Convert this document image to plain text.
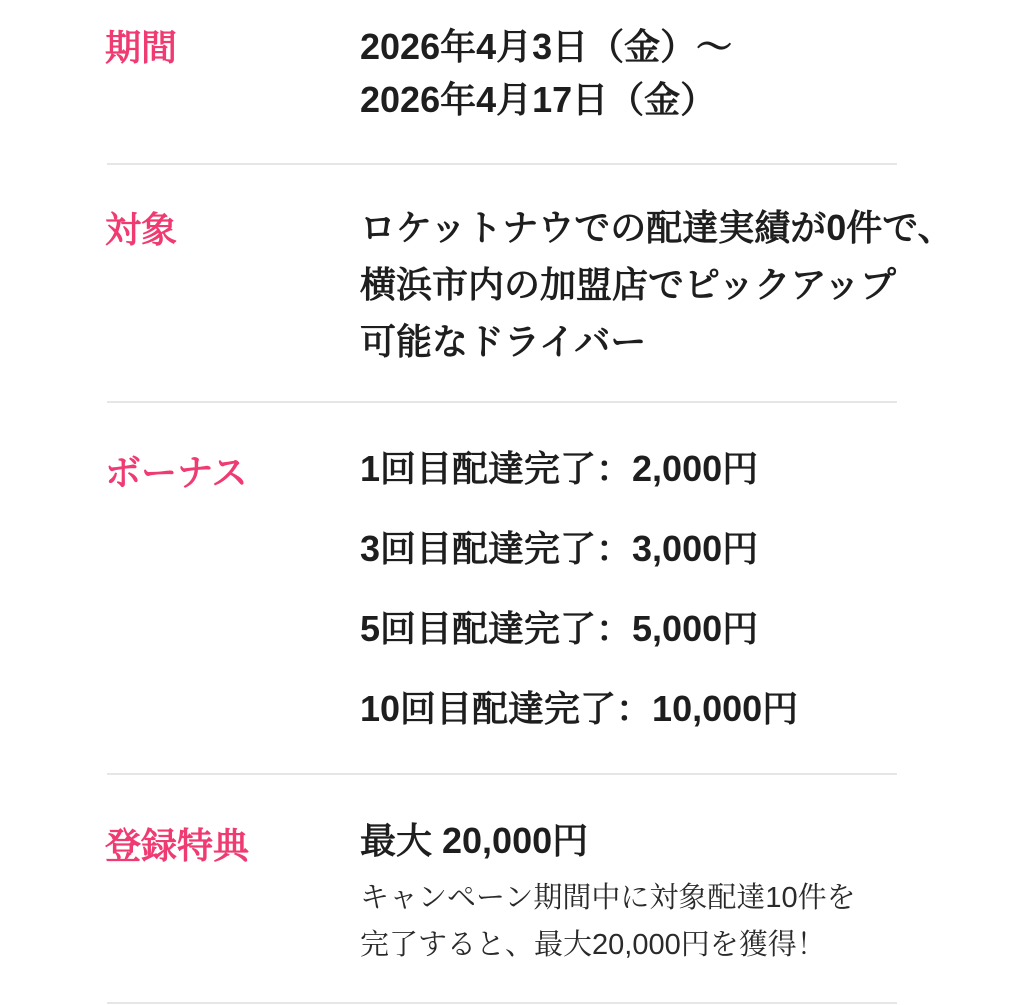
期間	2026年4月3日（金）〜
2026年4月17日（金）
対象	ロケットナウでの配達実績が0件で、
横浜市内の加盟店でピックアップ
可能なドライバー
ボーナス	1回目配達完了：2,000円
3回目配達完了：3,000円
5回目配達完了：5,000円
10回目配達完了：10,000円
登録特典	最大 20,000円
キャンペーン期間中に対象配達10件を
完了すると、最大20,000円を獲得！
